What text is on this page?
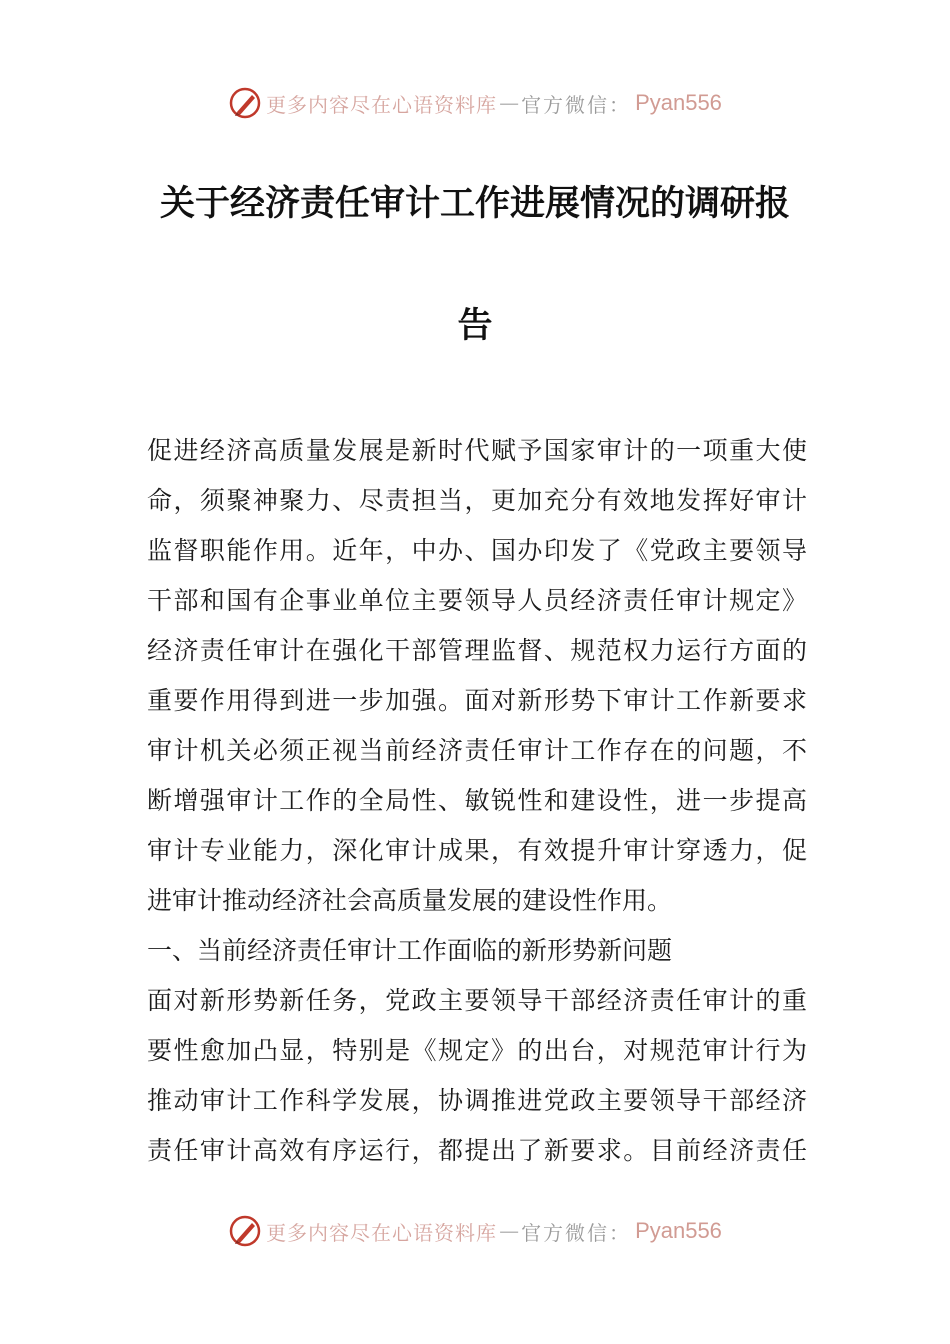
更多内容尽在心语资料库 — 官方微信： Pyan556
关于经济责任审计工作进展情况的调研报
告
促进经济高质量发展是新时代赋予国家审计的一项重大使
命，须聚神聚力、尽责担当，更加充分有效地发挥好审计
监督职能作用。近年，中办、国办印发了《党政主要领导
干部和国有企事业单位主要领导人员经济责任审计规定》
经济责任审计在强化干部管理监督、规范权力运行方面的
重要作用得到进一步加强。面对新形势下审计工作新要求
审计机关必须正视当前经济责任审计工作存在的问题，不
断增强审计工作的全局性、敏锐性和建设性，进一步提高
审计专业能力，深化审计成果，有效提升审计穿透力，促
进审计推动经济社会高质量发展的建设性作用。
一、当前经济责任审计工作面临的新形势新问题
面对新形势新任务，党政主要领导干部经济责任审计的重
要性愈加凸显，特别是《规定》的出台，对规范审计行为
推动审计工作科学发展，协调推进党政主要领导干部经济
责任审计高效有序运行，都提出了新要求。目前经济责任
更多内容尽在心语资料库 — 官方微信： Pyan556
